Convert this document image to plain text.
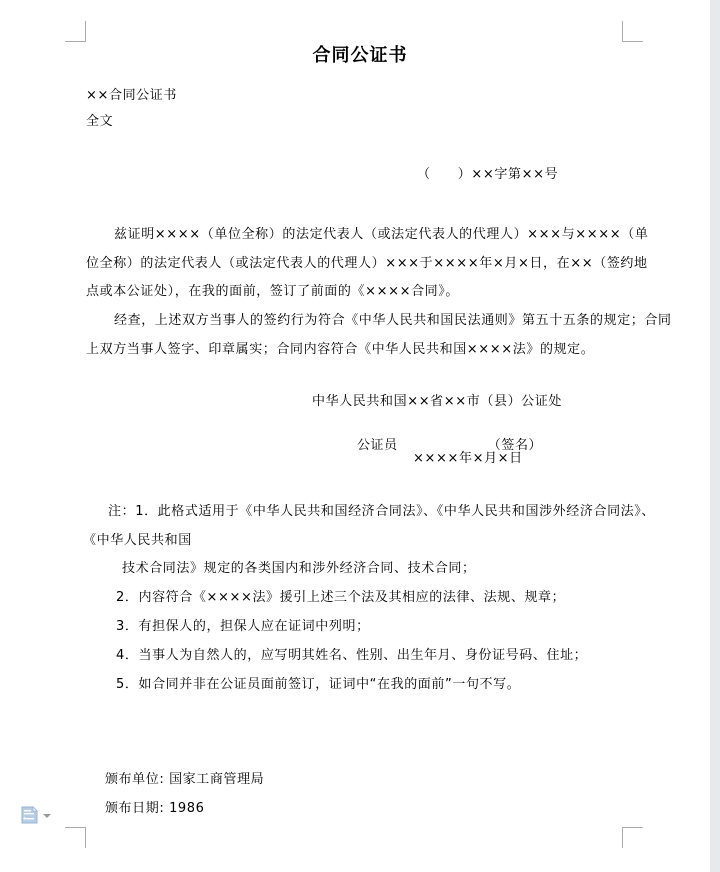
合同公证书
××合同公证书
全文
（　　）××字第××号
兹证明××××（单位全称）的法定代表人（或法定代表人的代理人）×××与××××（单
位全称）的法定代表人（或法定代表人的代理人）×××于××××年×月×日，在××（签约地
点或本公证处），在我的面前，签订了前面的《××××合同》。
经查，上述双方当事人的签约行为符合《中华人民共和国民法通则》第五十五条的规定；合同
上双方当事人签字、印章属实；合同内容符合《中华人民共和国××××法》的规定。
中华人民共和国××省××市（县）公证处

公证员	（签名）

××××年×月×日
注：1．此格式适用于《中华人民共和国经济合同法》、《中华人民共和国涉外经济合同法》、
《中华人民共和国
技术合同法》规定的各类国内和涉外经济合同、技术合同；
2．内容符合《××××法》援引上述三个法及其相应的法律、法规、规章；
3．有担保人的，担保人应在证词中列明；
4．当事人为自然人的，应写明其姓名、性别、出生年月、身份证号码、住址；
5．如合同并非在公证员面前签订，证词中“在我的面前”一句不写。

颁布单位: 国家工商管理局

颁布日期: 1986
